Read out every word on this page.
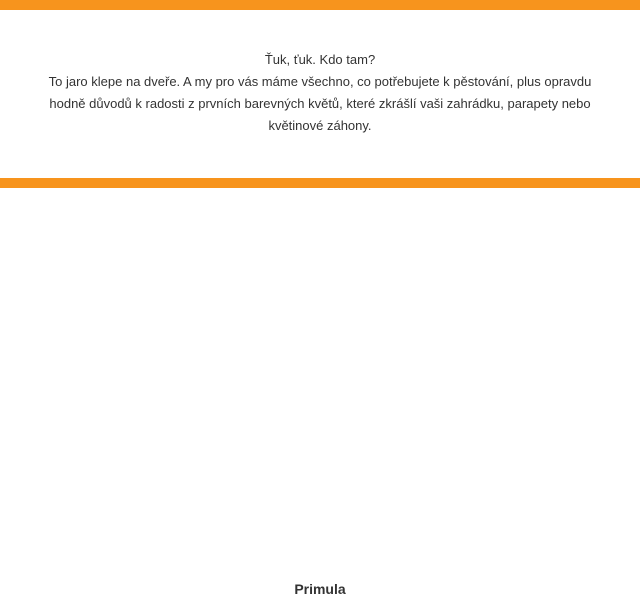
Ťuk, ťuk. Kdo tam?

To jaro klepe na dveře. A my pro vás máme všechno, co potřebujete k pěstování, plus opravdu hodně důvodů k radosti z prvních barevných květů, které zkrášlí vaši zahrádku, parapety nebo květinové záhony.

Primula
